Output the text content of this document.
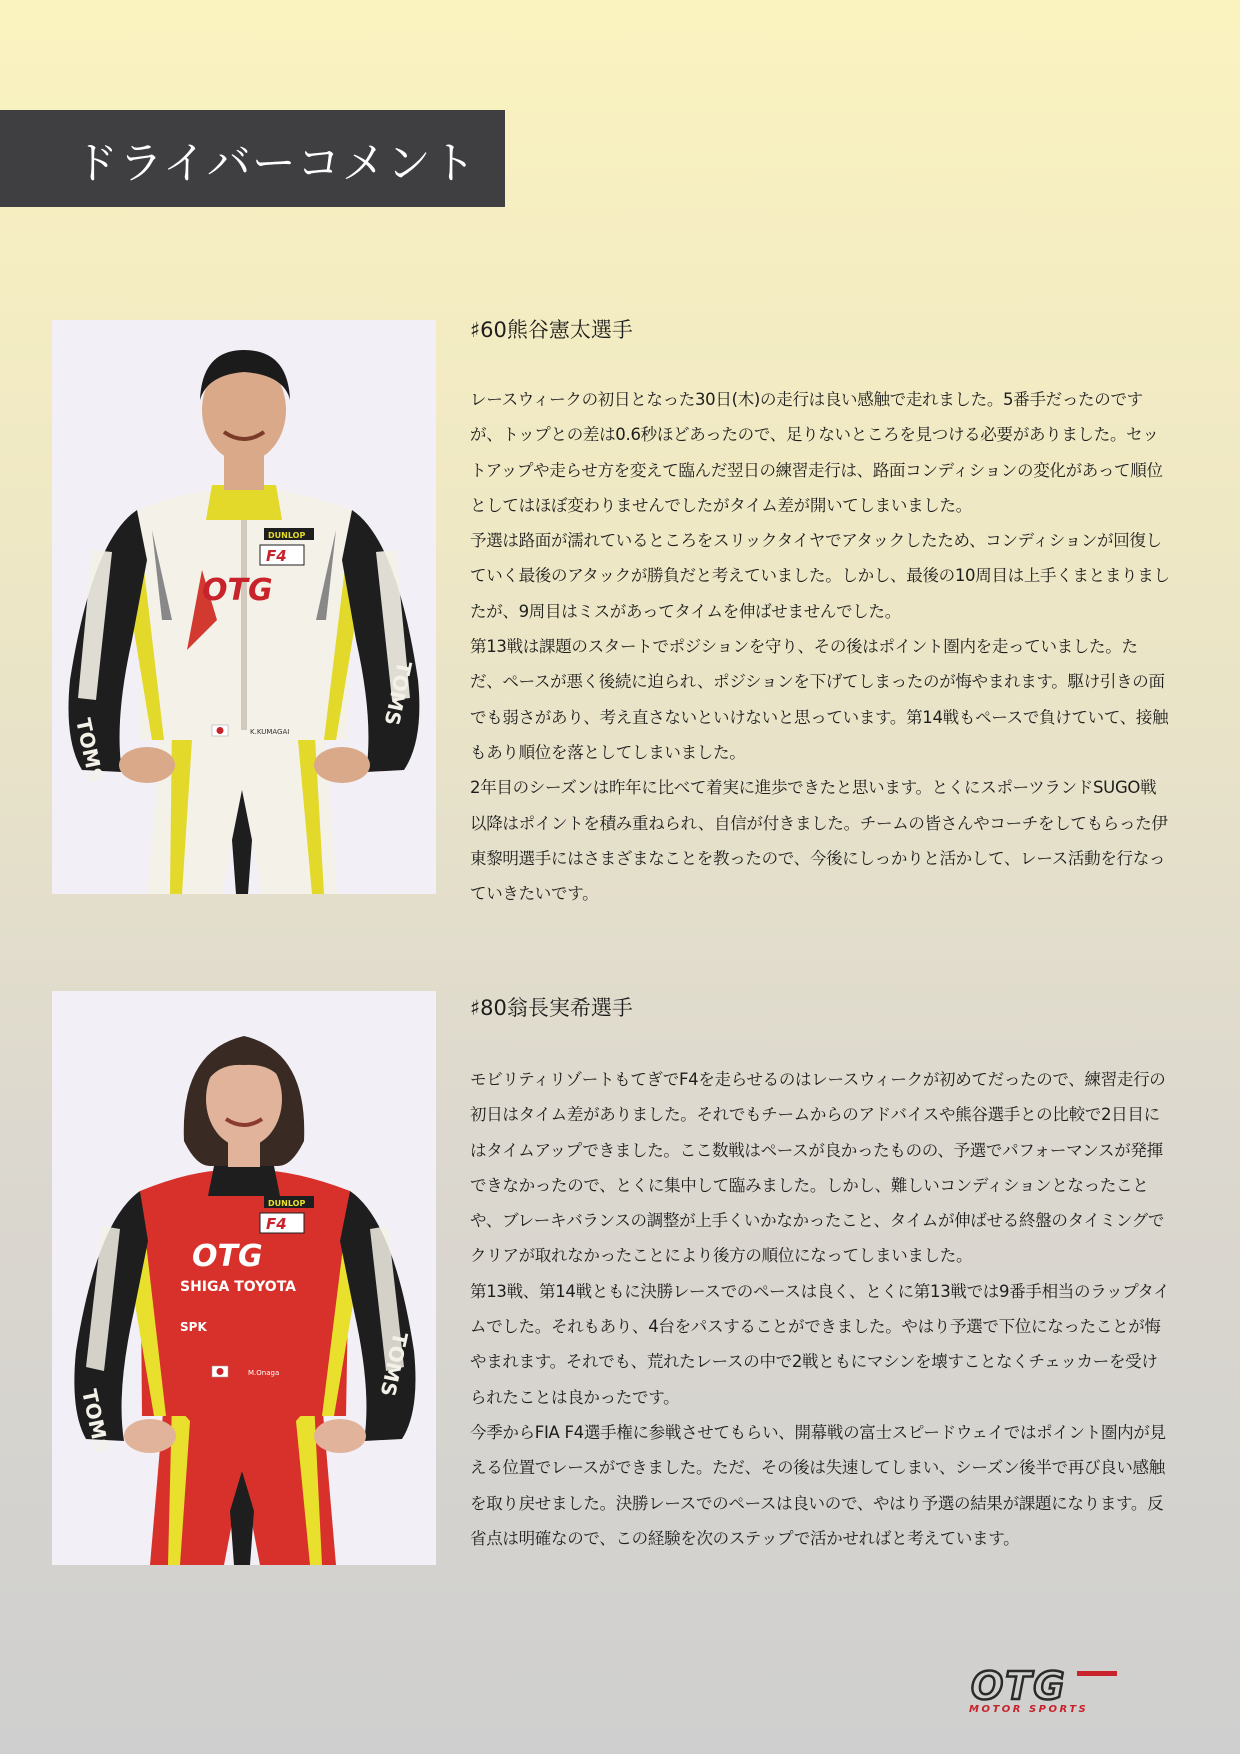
ドライバーコメント
OTG
F4
DUNLOP
K.KUMAGAI
TOMS
TOMS
♯60熊谷憲太選手

レースウィークの初日となった30日(木)の走行は良い感触で走れました。5番手だったのですが、トップとの差は0.6秒ほどあったので、足りないところを見つける必要がありました。セットアップや走らせ方を変えて臨んだ翌日の練習走行は、路面コンディションの変化があって順位としてはほぼ変わりませんでしたがタイム差が開いてしまいました。

予選は路面が濡れているところをスリックタイヤでアタックしたため、コンディションが回復していく最後のアタックが勝負だと考えていました。しかし、最後の10周目は上手くまとまりましたが、9周目はミスがあってタイムを伸ばせませんでした。

第13戦は課題のスタートでポジションを守り、その後はポイント圏内を走っていました。ただ、ペースが悪く後続に迫られ、ポジションを下げてしまったのが悔やまれます。駆け引きの面でも弱さがあり、考え直さないといけないと思っています。第14戦もペースで負けていて、接触もあり順位を落としてしまいました。

2年目のシーズンは昨年に比べて着実に進歩できたと思います。とくにスポーツランドSUGO戦以降はポイントを積み重ねられ、自信が付きました。チームの皆さんやコーチをしてもらった伊東黎明選手にはさまざまなことを教ったので、今後にしっかりと活かして、レース活動を行なっていきたいです。

F4
DUNLOP
OTG
SHIGA TOYOTA
SPK
M.Onaga
TOMS
TOMS
♯80翁長実希選手

モビリティリゾートもてぎでF4を走らせるのはレースウィークが初めてだったので、練習走行の初日はタイム差がありました。それでもチームからのアドバイスや熊谷選手との比較で2日目にはタイムアップできました。ここ数戦はペースが良かったものの、予選でパフォーマンスが発揮できなかったので、とくに集中して臨みました。しかし、難しいコンディションとなったことや、ブレーキバランスの調整が上手くいかなかったこと、タイムが伸ばせる終盤のタイミングでクリアが取れなかったことにより後方の順位になってしまいました。

第13戦、第14戦ともに決勝レースでのペースは良く、とくに第13戦では9番手相当のラップタイムでした。それもあり、4台をパスすることができました。やはり予選で下位になったことが悔やまれます。それでも、荒れたレースの中で2戦ともにマシンを壊すことなくチェッカーを受けられたことは良かったです。

今季からFIA F4選手権に参戦させてもらい、開幕戦の富士スピードウェイではポイント圏内が見える位置でレースができました。ただ、その後は失速してしまい、シーズン後半で再び良い感触を取り戻せました。決勝レースでのペースは良いので、やはり予選の結果が課題になります。反省点は明確なので、この経験を次のステップで活かせればと考えています。

OTG
MOTOR SPORTS
